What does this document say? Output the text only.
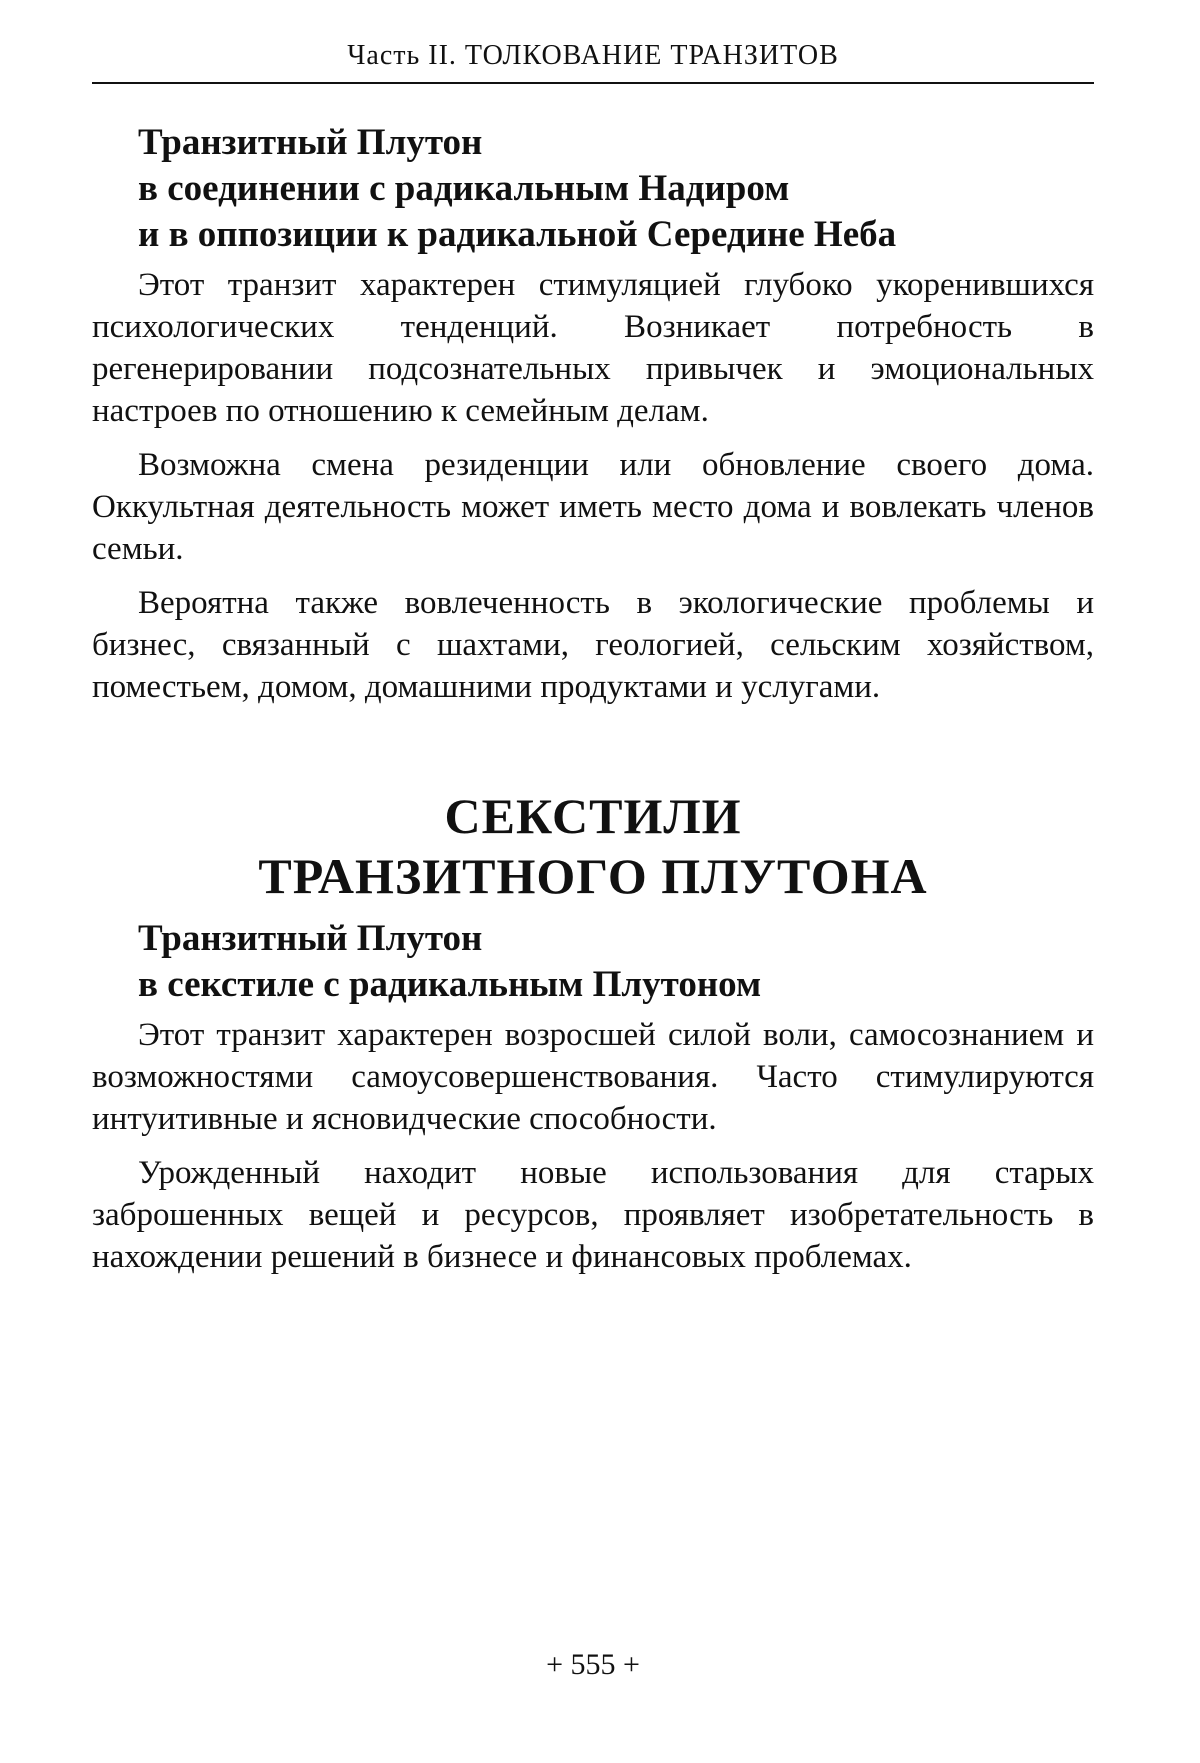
Часть II. ТОЛКОВАНИЕ ТРАНЗИТОВ
Транзитный Плутон
в соединении с радикальным Надиром
и в оппозиции к радикальной Середине Неба

Этот транзит характерен стимуляцией глубоко укоренившихся психологических тенденций. Возникает потребность в регенерировании подсознательных привычек и эмоциональных настроев по отношению к семейным делам.

Возможна смена резиденции или обновление своего дома. Оккультная деятельность может иметь место дома и вовлекать членов семьи.

Вероятна также вовлеченность в экологические проблемы и бизнес, связанный с шахтами, геологией, сельским хозяйством, поместьем, домом, домашними продуктами и услугами.

СЕКСТИЛИ
ТРАНЗИТНОГО ПЛУТОНА
Транзитный Плутон
в секстиле с радикальным Плутоном

Этот транзит характерен возросшей силой воли, самосознанием и возможностями самоусовершенствования. Часто стимулируются интуитивные и ясновидческие способности.

Урожденный находит новые использования для старых заброшенных вещей и ресурсов, проявляет изобретательность в нахождении решений в бизнесе и финансовых проблемах.

+ 555 +
